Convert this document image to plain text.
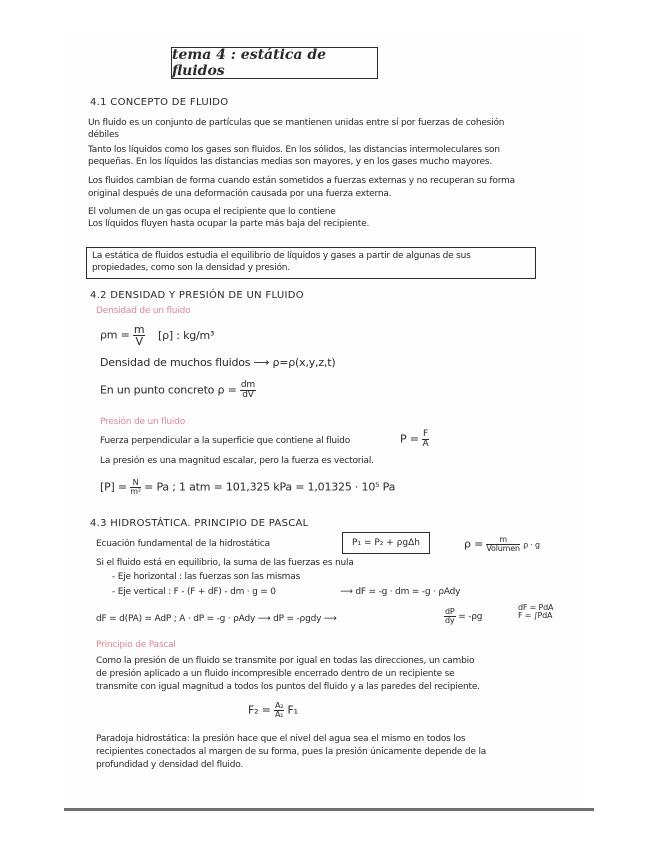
tema 4 : estática de fluidos
4.1 CONCEPTO DE FLUIDO
Un fluido es un conjunto de partículas que se mantienen unidas entre sí por fuerzas de cohesión
débiles
Tanto los líquidos como los gases son fluidos. En los sólidos, las distancias intermoleculares son
pequeñas. En los líquidos las distancias medias son mayores, y en los gases mucho mayores.
Los fluidos cambian de forma cuando están sometidos a fuerzas externas y no recuperan su forma
original después de una deformación causada por una fuerza externa.
El volumen de un gas ocupa el recipiente que lo contiene
Los líquidos fluyen hasta ocupar la parte más baja del recipiente.
La estática de fluidos estudia el equilibrio de líquidos y gases a partir de algunas de sus
propiedades, como son la densidad y presión.
4.2 DENSIDAD Y PRESIÓN DE UN FLUIDO
Densidad de un fluido
$\rho m = \frac{m}{V} [\rho]$ : kg/m³
Densidad de muchos fluidos ⟶ ρ=ρ(x,y,z,t)
En un punto concreto $\rho = \frac{dm}{dV}$
Presión de un fluido
Fuerza perpendicular a la superficie que contiene al fluido	$P = \frac{F}{A}$
La presión es una magnitud escalar, pero la fuerza es vectorial.
$[P] = \frac{N}{\text{m²}} = Pa$ ; 1 atm = 101,325 kPa = 1,01325 · 10⁵ Pa
4.3 HIDROSTÁTICA. PRINCIPIO DE PASCAL
Ecuación fundamental de la hidrostática	P₁ = P₂ + ρgΔh	$\rho = \frac{m}{\text{Volumen}}$ ρ · g
Si el fluido está en equilibrio, la suma de las fuerzas es nula
- Eje horizontal : las fuerzas son las mismas
- Eje vertical : F - (F + dF) - dm · g = 0	⟶ dF = -g · dm = -g · ρAdy
dF = d(PA) = AdP ; A · dP = -g · ρAdy ⟶ dP = -ρgdy ⟶	$\frac{dP}{dy} = -\rho g$
dF = PdA
F = ∫PdA
Principio de Pascal
Como la presión de un fluido se transmite por igual en todas las direcciones, un cambio
de presión aplicado a un fluido incompresible encerrado dentro de un recipiente se
transmite con igual magnitud a todos los puntos del fluido y a las paredes del recipiente.
$F_2 = \frac{\text{A₂}}{\text{A₁}} F_1$
Paradoja hidrostática: la presión hace que el nivel del agua sea el mismo en todos los
recipientes conectados al margen de su forma, pues la presión únicamente depende de la
profundidad y densidad del fluido.
